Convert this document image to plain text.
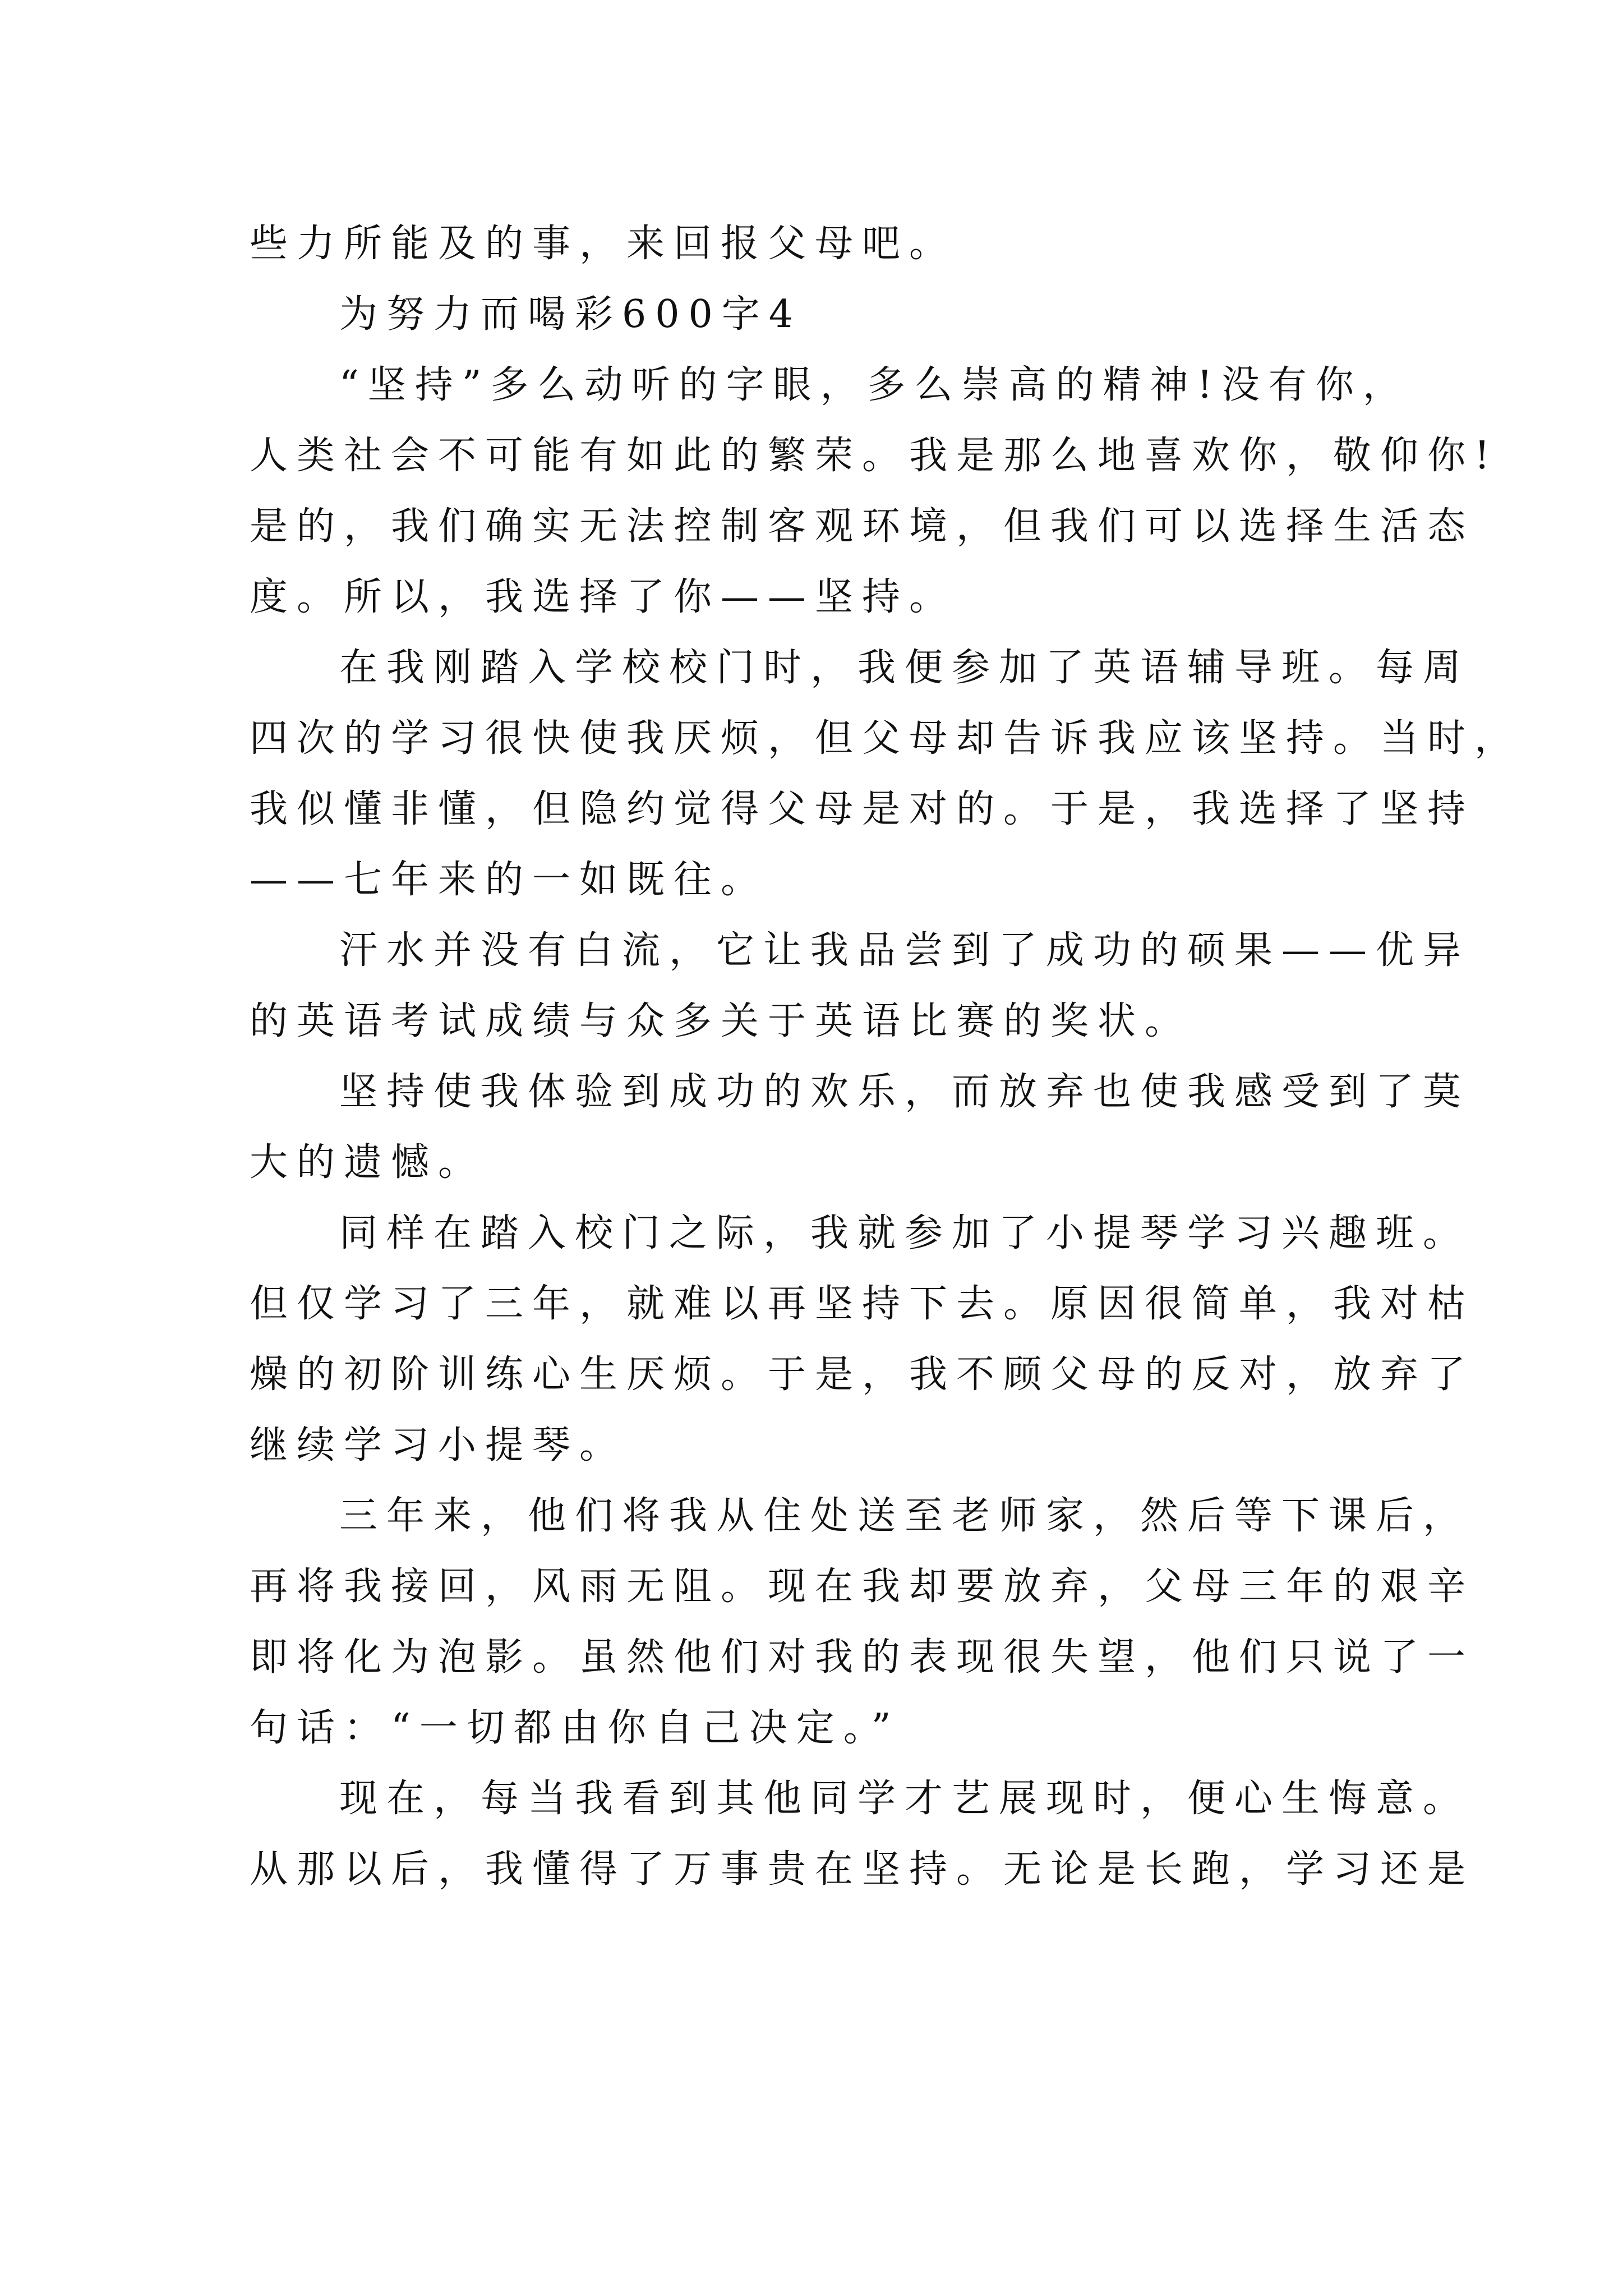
些力所能及的事，来回报父母吧。
为努力而喝彩600字4
“坚持”多么动听的字眼，多么崇高的精神!没有你，
人类社会不可能有如此的繁荣。我是那么地喜欢你，敬仰你!
是的，我们确实无法控制客观环境，但我们可以选择生活态
度。所以，我选择了你——坚持。
在我刚踏入学校校门时，我便参加了英语辅导班。每周
四次的学习很快使我厌烦，但父母却告诉我应该坚持。当时，
我似懂非懂，但隐约觉得父母是对的。于是，我选择了坚持
——七年来的一如既往。
汗水并没有白流，它让我品尝到了成功的硕果——优异
的英语考试成绩与众多关于英语比赛的奖状。
坚持使我体验到成功的欢乐，而放弃也使我感受到了莫
大的遗憾。
同样在踏入校门之际，我就参加了小提琴学习兴趣班。
但仅学习了三年，就难以再坚持下去。原因很简单，我对枯
燥的初阶训练心生厌烦。于是，我不顾父母的反对，放弃了
继续学习小提琴。
三年来，他们将我从住处送至老师家，然后等下课后，
再将我接回，风雨无阻。现在我却要放弃，父母三年的艰辛
即将化为泡影。虽然他们对我的表现很失望，他们只说了一
句话：“一切都由你自己决定。”
现在，每当我看到其他同学才艺展现时，便心生悔意。
从那以后，我懂得了万事贵在坚持。无论是长跑，学习还是
